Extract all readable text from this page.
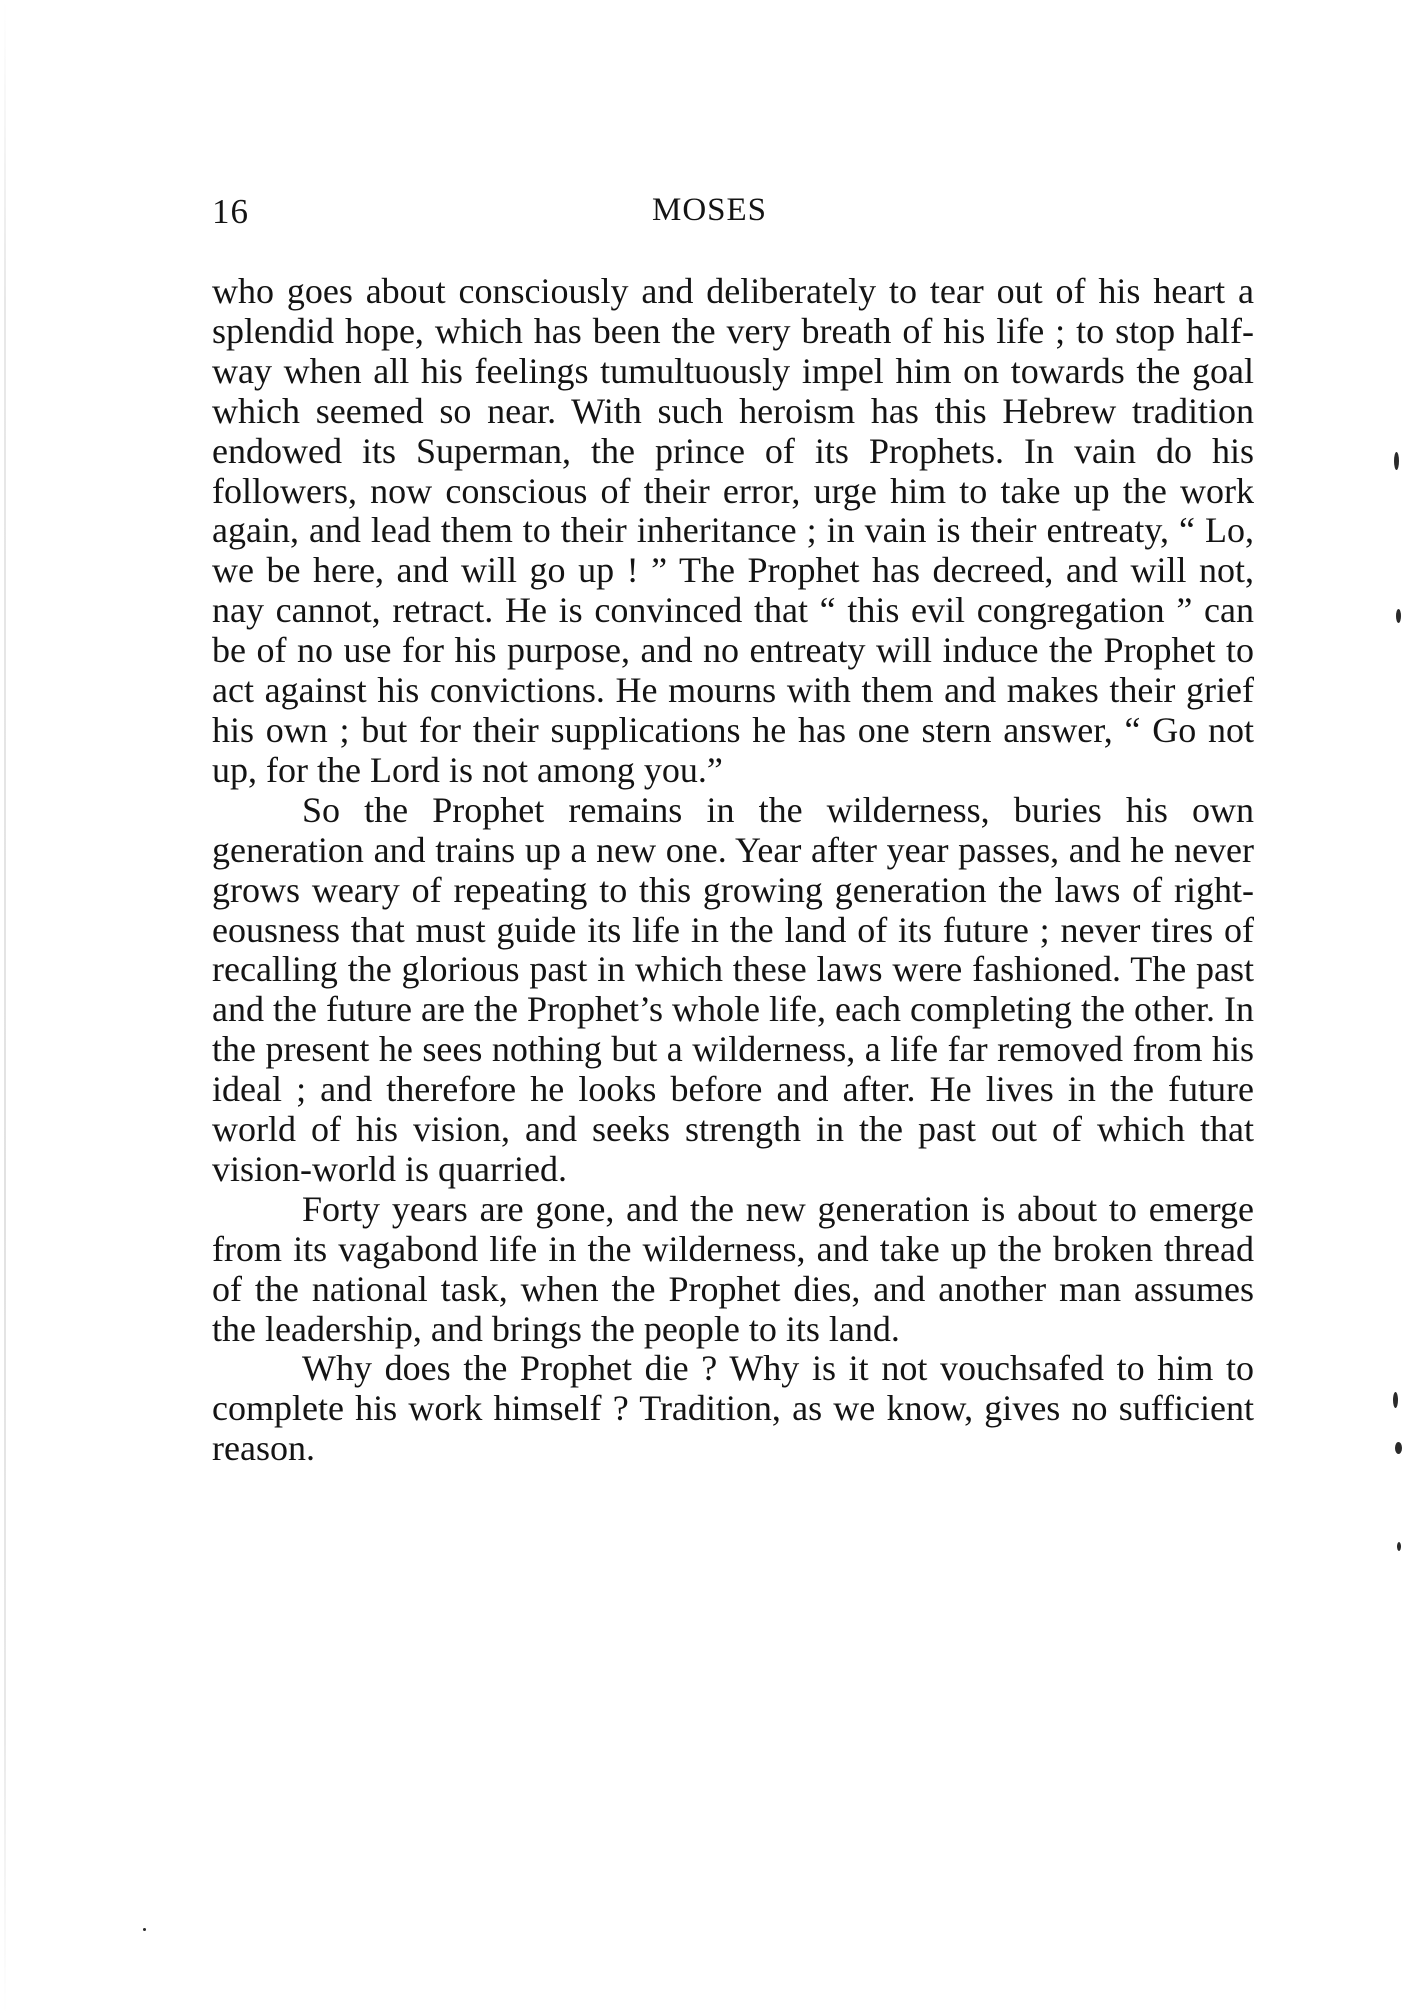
16	MOSES

who goes about consciously and deliberately to tear out of his heart a splendid hope, which has been the very breath of his life ; to stop half-way when all his feelings tumultuously impel him on towards the goal which seemed so near. With such heroism has this Hebrew tradition endowed its Superman, the prince of its Prophets. In vain do his followers, now conscious of their error, urge him to take up the work again, and lead them to their inheritance ; in vain is their entreaty, “ Lo, we be here, and will go up ! ” The Prophet has decreed, and will not, nay cannot, retract. He is convinced that “ this evil congregation ” can be of no use for his purpose, and no entreaty will induce the Prophet to act against his convictions. He mourns with them and makes their grief his own ; but for their supplications he has one stern answer, “ Go not up, for the Lord is not among you.”

So the Prophet remains in the wilderness, buries his own generation and trains up a new one. Year after year passes, and he never grows weary of repeating to this growing generation the laws of righteousness that must guide its life in the land of its future ; never tires of recalling the glorious past in which these laws were fashioned. The past and the future are the Prophet’s whole life, each completing the other. In the present he sees nothing but a wilderness, a life far removed from his ideal ; and therefore he looks before and after. He lives in the future world of his vision, and seeks strength in the past out of which that vision-world is quarried.

Forty years are gone, and the new generation is about to emerge from its vagabond life in the wilderness, and take up the broken thread of the national task, when the Prophet dies, and another man assumes the leadership, and brings the people to its land.

Why does the Prophet die ? Why is it not vouchsafed to him to complete his work himself ? Tradition, as we know, gives no sufficient reason.
